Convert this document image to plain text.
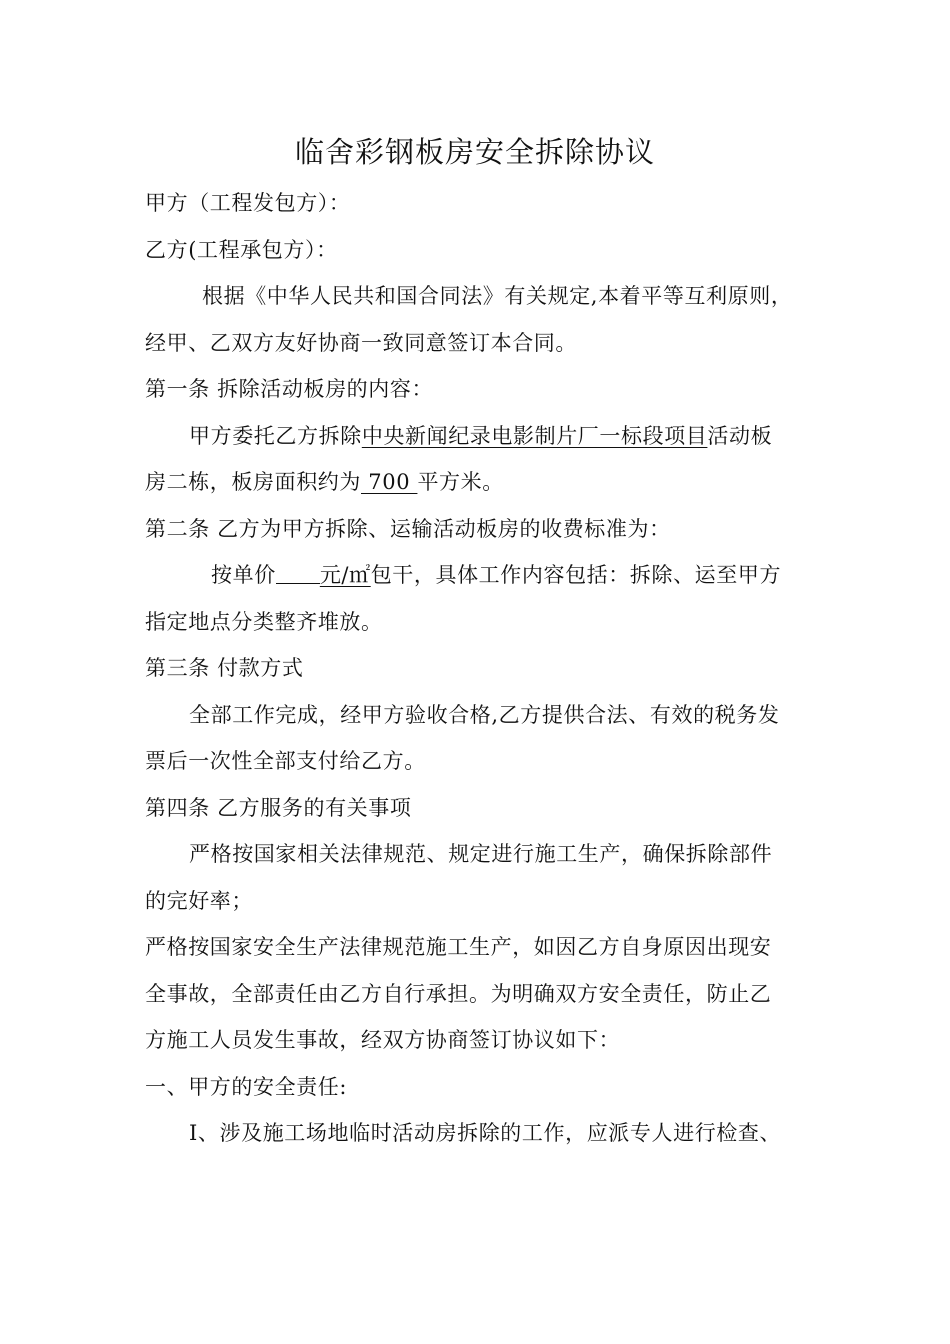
临舍彩钢板房安全拆除协议
甲方（工程发包方）：
乙方(工程承包方）：
根据《中华人民共和国合同法》有关规定,本着平等互利原则，
经甲、乙双方友好协商一致同意签订本合同。
第一条 拆除活动板房的内容：
甲方委托乙方拆除中央新闻纪录电影制片厂一标段项目活动板
房二栋，板房面积约为 700 平方米。
第二条 乙方为甲方拆除、运输活动板房的收费标准为：
按单价 元/㎡包干，具体工作内容包括：拆除、运至甲方
指定地点分类整齐堆放。
第三条 付款方式
全部工作完成，经甲方验收合格,乙方提供合法、有效的税务发
票后一次性全部支付给乙方。
第四条 乙方服务的有关事项
严格按国家相关法律规范、规定进行施工生产，确保拆除部件
的完好率；
严格按国家安全生产法律规范施工生产，如因乙方自身原因出现安
全事故，全部责任由乙方自行承担。为明确双方安全责任，防止乙
方施工人员发生事故，经双方协商签订协议如下：
一、甲方的安全责任:
I、涉及施工场地临时活动房拆除的工作，应派专人进行检查、
